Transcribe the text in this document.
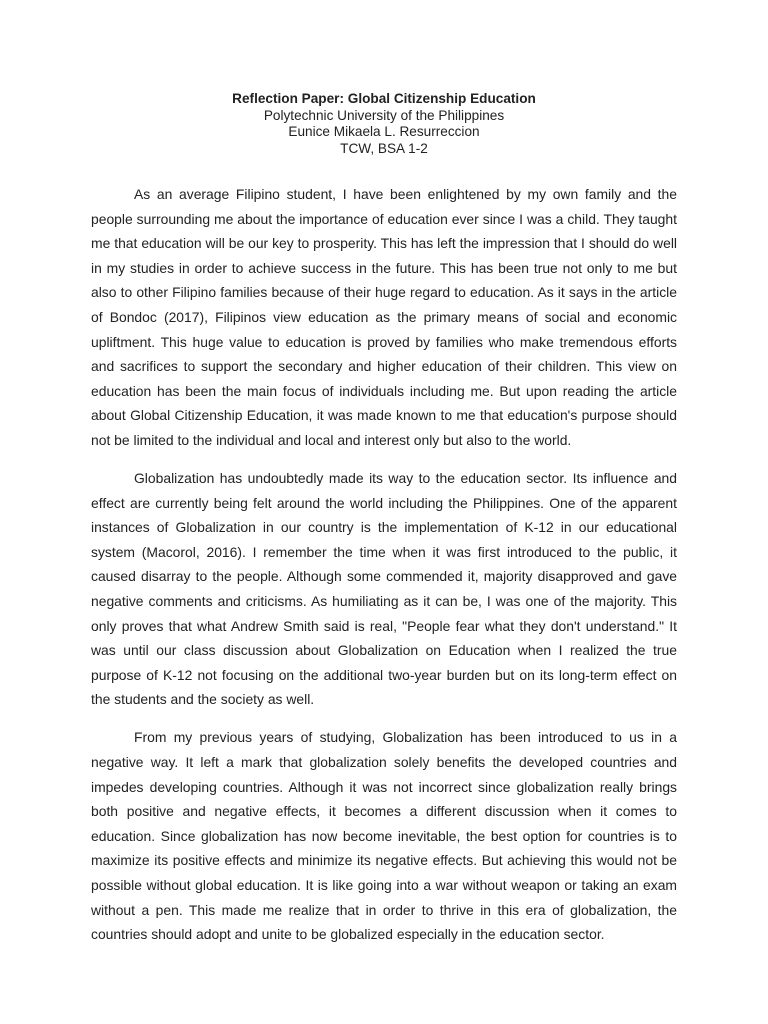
Reflection Paper: Global Citizenship Education
Polytechnic University of the Philippines
Eunice Mikaela L. Resurreccion
TCW, BSA 1-2

As an average Filipino student, I have been enlightened by my own family and the people surrounding me about the importance of education ever since I was a child. They taught me that education will be our key to prosperity. This has left the impression that I should do well in my studies in order to achieve success in the future. This has been true not only to me but also to other Filipino families because of their huge regard to education. As it says in the article of Bondoc (2017), Filipinos view education as the primary means of social and economic upliftment. This huge value to education is proved by families who make tremendous efforts and sacrifices to support the secondary and higher education of their children. This view on education has been the main focus of individuals including me. But upon reading the article about Global Citizenship Education, it was made known to me that education's purpose should not be limited to the individual and local and interest only but also to the world.

Globalization has undoubtedly made its way to the education sector. Its influence and effect are currently being felt around the world including the Philippines. One of the apparent instances of Globalization in our country is the implementation of K-12 in our educational system (Macorol, 2016). I remember the time when it was first introduced to the public, it caused disarray to the people. Although some commended it, majority disapproved and gave negative comments and criticisms. As humiliating as it can be, I was one of the majority. This only proves that what Andrew Smith said is real, "People fear what they don't understand." It was until our class discussion about Globalization on Education when I realized the true purpose of K-12 not focusing on the additional two-year burden but on its long-term effect on the students and the society as well.

From my previous years of studying, Globalization has been introduced to us in a negative way. It left a mark that globalization solely benefits the developed countries and impedes developing countries. Although it was not incorrect since globalization really brings both positive and negative effects, it becomes a different discussion when it comes to education. Since globalization has now become inevitable, the best option for countries is to maximize its positive effects and minimize its negative effects. But achieving this would not be possible without global education. It is like going into a war without weapon or taking an exam without a pen. This made me realize that in order to thrive in this era of globalization, the countries should adopt and unite to be globalized especially in the education sector.
